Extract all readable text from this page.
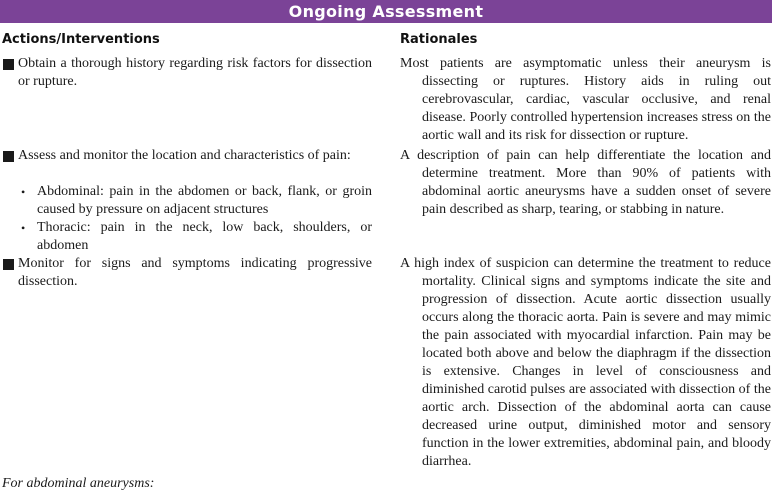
Ongoing Assessment
Actions/Interventions	Rationales
Obtain a thorough history regarding risk factors for dissection or rupture.
Assess and monitor the location and characteristics of pain:
• Abdominal: pain in the abdomen or back, flank, or groin caused by pressure on adjacent structures
• Thoracic: pain in the neck, low back, shoulders, or abdomen
Monitor for signs and symptoms indicating progressive dissection.
Most patients are asymptomatic unless their aneurysm is dissecting or ruptures. History aids in ruling out cerebrovascular, cardiac, vascular occlusive, and renal disease. Poorly controlled hypertension increases stress on the aortic wall and its risk for dissection or rupture.
A description of pain can help differentiate the location and determine treatment. More than 90% of patients with abdominal aortic aneurysms have a sudden onset of severe pain described as sharp, tearing, or stabbing in nature.
A high index of suspicion can determine the treatment to reduce mortality. Clinical signs and symptoms indicate the site and progression of dissection. Acute aortic dissection usually occurs along the thoracic aorta. Pain is severe and may mimic the pain associated with myocardial infarction. Pain may be located both above and below the diaphragm if the dissection is extensive. Changes in level of consciousness and diminished carotid pulses are associated with dissection of the aortic arch. Dissection of the abdominal aorta can cause decreased urine output, diminished motor and sensory function in the lower extremities, abdominal pain, and bloody diarrhea.
For abdominal aneurysms:
